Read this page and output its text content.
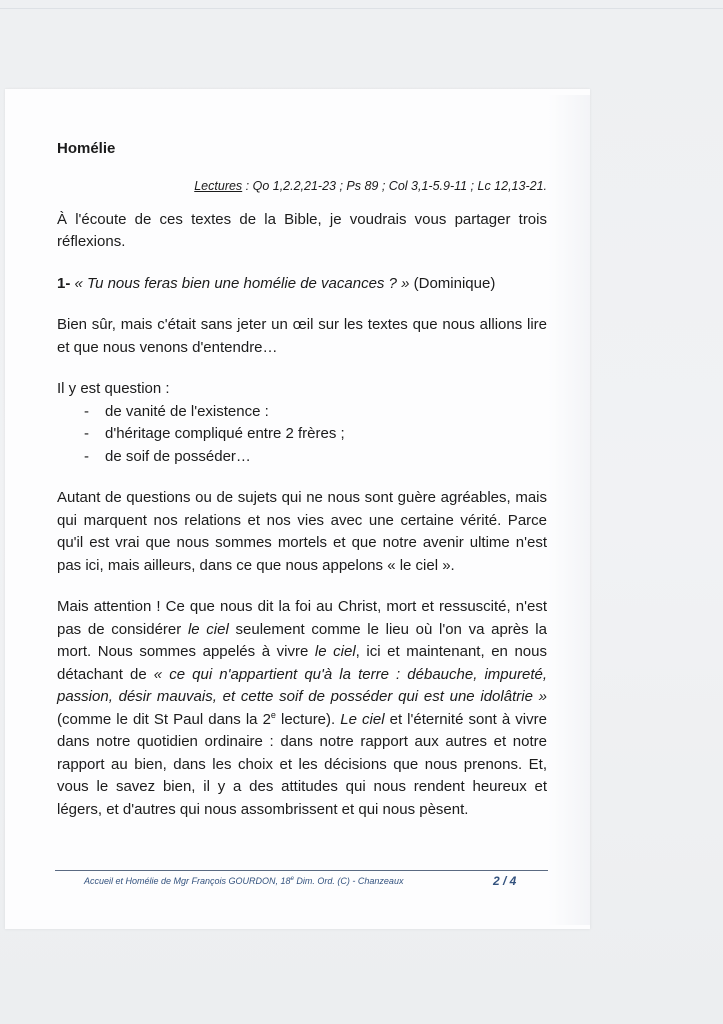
Homélie
Lectures : Qo 1,2.2,21-23 ; Ps 89 ; Col 3,1-5.9-11 ; Lc 12,13-21.

À l'écoute de ces textes de la Bible, je voudrais vous partager trois réflexions.

1- « Tu nous feras bien une homélie de vacances ? » (Dominique)

Bien sûr, mais c'était sans jeter un œil sur les textes que nous allions lire et que nous venons d'entendre…

Il y est question :
- de vanité de l'existence :
- d'héritage compliqué entre 2 frères ;
- de soif de posséder…

Autant de questions ou de sujets qui ne nous sont guère agréables, mais qui marquent nos relations et nos vies avec une certaine vérité. Parce qu'il est vrai que nous sommes mortels et que notre avenir ultime n'est pas ici, mais ailleurs, dans ce que nous appelons « le ciel ».

Mais attention ! Ce que nous dit la foi au Christ, mort et ressuscité, n'est pas de considérer le ciel seulement comme le lieu où l'on va après la mort. Nous sommes appelés à vivre le ciel, ici et maintenant, en nous détachant de « ce qui n'appartient qu'à la terre : débauche, impureté, passion, désir mauvais, et cette soif de posséder qui est une idolâtrie » (comme le dit St Paul dans la 2e lecture). Le ciel et l'éternité sont à vivre dans notre quotidien ordinaire : dans notre rapport aux autres et notre rapport au bien, dans les choix et les décisions que nous prenons. Et, vous le savez bien, il y a des attitudes qui nous rendent heureux et légers, et d'autres qui nous assombrissent et qui nous pèsent.

Accueil et Homélie de Mgr François GOURDON, 18e Dim. Ord. (C) - Chanzeaux	2 / 4
